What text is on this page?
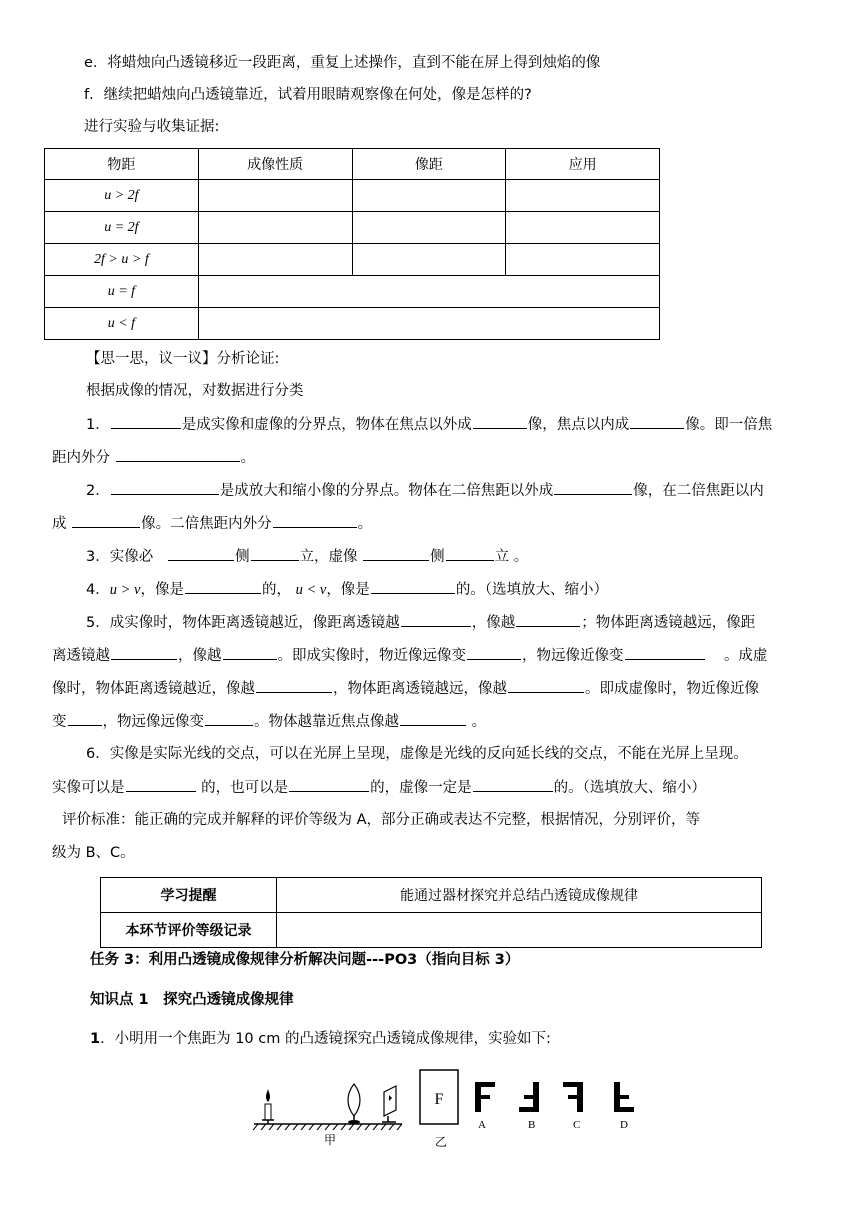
e．将蜡烛向凸透镜移近一段距离，重复上述操作，直到不能在屏上得到烛焰的像
f．继续把蜡烛向凸透镜靠近，试着用眼睛观察像在何处，像是怎样的?
进行实验与收集证据:
物距	成像性质	像距	应用
u > 2f			
u = 2f			
2f > u > f			
u = f			
u < f			
【思一思，议一议】分析论证:
根据成像的情况，对数据进行分类
1．	是成实像和虚像的分界点，物体在焦点以外成	像，焦点以内成	像。即一倍焦
距内外分	。
2．	是成放大和缩小像的分界点。物体在二倍焦距以外成	像，在二倍焦距以内
成	像。二倍焦距内外分	。
3．实像必	侧	立，虚像	侧	立 。
4．u > v，像是	的， u < v，像是	的。（选填放大、缩小）
5．成实像时，物体距离透镜越近，像距离透镜越	，像越	；物体距离透镜越远，像距
离透镜越	，像越	。即成实像时，物近像远像变	，物远像近像变	。成虚
像时，物体距离透镜越近，像越	，物体距离透镜越远，像越	。即成虚像时，物近像近像
变 ，物远像远像变	。物体越靠近焦点像越	。
6．实像是实际光线的交点，可以在光屏上呈现，虚像是光线的反向延长线的交点，不能在光屏上呈现。
实像可以是	的，也可以是	的，虚像一定是	的。（选填放大、缩小）
评价标准：能正确的完成并解释的评价等级为 A，部分正确或表达不完整，根据情况，分别评价，等
级为 B、C。
学习提醒	能通过器材探究并总结凸透镜成像规律
本环节评价等级记录	
任务 3：利用凸透镜成像规律分析解决问题---PO3（指向目标 3）
知识点 1　探究凸透镜成像规律
1．小明用一个焦距为 10 cm 的凸透镜探究凸透镜成像规律，实验如下:
甲
F
乙
A	B	C	D
